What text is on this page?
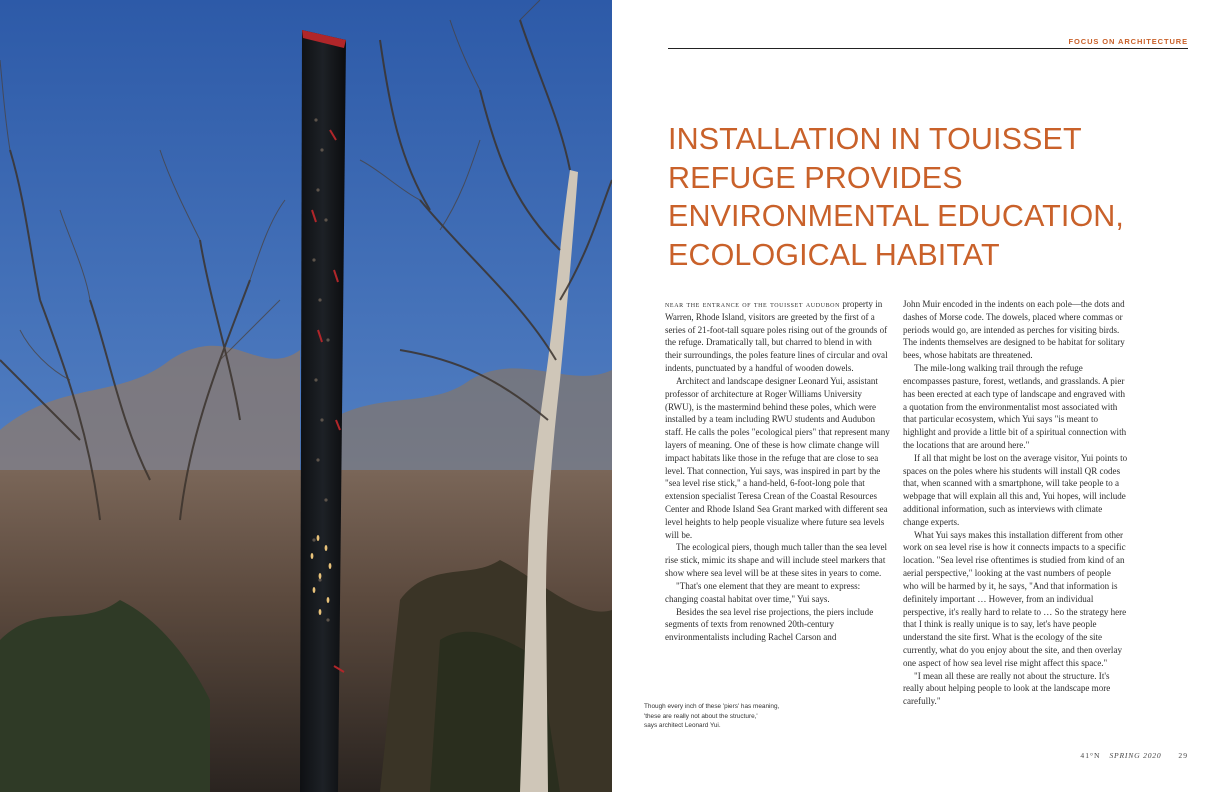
FOCUS ON ARCHITECTURE
INSTALLATION IN TOUISSET
REFUGE PROVIDES
ENVIRONMENTAL EDUCATION,
ECOLOGICAL HABITAT

near the entrance of the touisset audubon property in Warren, Rhode Island, visitors are greeted by the first of a series of 21-foot-tall square poles rising out of the grounds of the refuge. Dramatically tall, but charred to blend in with their surroundings, the poles feature lines of circular and oval indents, punctuated by a handful of wooden dowels.

Architect and landscape designer Leonard Yui, assistant professor of architecture at Roger Williams University (RWU), is the mastermind behind these poles, which were installed by a team including RWU students and Audubon staff. He calls the poles "ecological piers" that represent many layers of meaning. One of these is how climate change will impact habitats like those in the refuge that are close to sea level. That connection, Yui says, was inspired in part by the "sea level rise stick," a hand-held, 6-foot-long pole that extension specialist Teresa Crean of the Coastal Resources Center and Rhode Island Sea Grant marked with different sea level heights to help people visualize where future sea levels will be.

The ecological piers, though much taller than the sea level rise stick, mimic its shape and will include steel markers that show where sea level will be at these sites in years to come.

"That's one element that they are meant to express: changing coastal habitat over time," Yui says.

Besides the sea level rise projections, the piers include segments of texts from renowned 20th-century environmentalists including Rachel Carson and

John Muir encoded in the indents on each pole—the dots and dashes of Morse code. The dowels, placed where commas or periods would go, are intended as perches for visiting birds. The indents themselves are designed to be habitat for solitary bees, whose habitats are threatened.

The mile-long walking trail through the refuge encompasses pasture, forest, wetlands, and grasslands. A pier has been erected at each type of landscape and engraved with a quotation from the environmentalist most associated with that particular ecosystem, which Yui says "is meant to highlight and provide a little bit of a spiritual connection with the locations that are around here."

If all that might be lost on the average visitor, Yui points to spaces on the poles where his students will install QR codes that, when scanned with a smartphone, will take people to a webpage that will explain all this and, Yui hopes, will include additional information, such as interviews with climate change experts.

What Yui says makes this installation different from other work on sea level rise is how it connects impacts to a specific location. "Sea level rise oftentimes is studied from kind of an aerial perspective," looking at the vast numbers of people who will be harmed by it, he says, "And that information is definitely important … However, from an individual perspective, it's really hard to relate to … So the strategy here that I think is really unique is to say, let's have people understand the site first. What is the ecology of the site currently, what do you enjoy about the site, and then overlay one aspect of how sea level rise might affect this space."

"I mean all these are really not about the structure. It's really about helping people to look at the landscape more carefully."

Though every inch of these 'piers' has meaning,
'these are really not about the structure,'
says architect Leonard Yui.
41°N SPRING 2020 29
